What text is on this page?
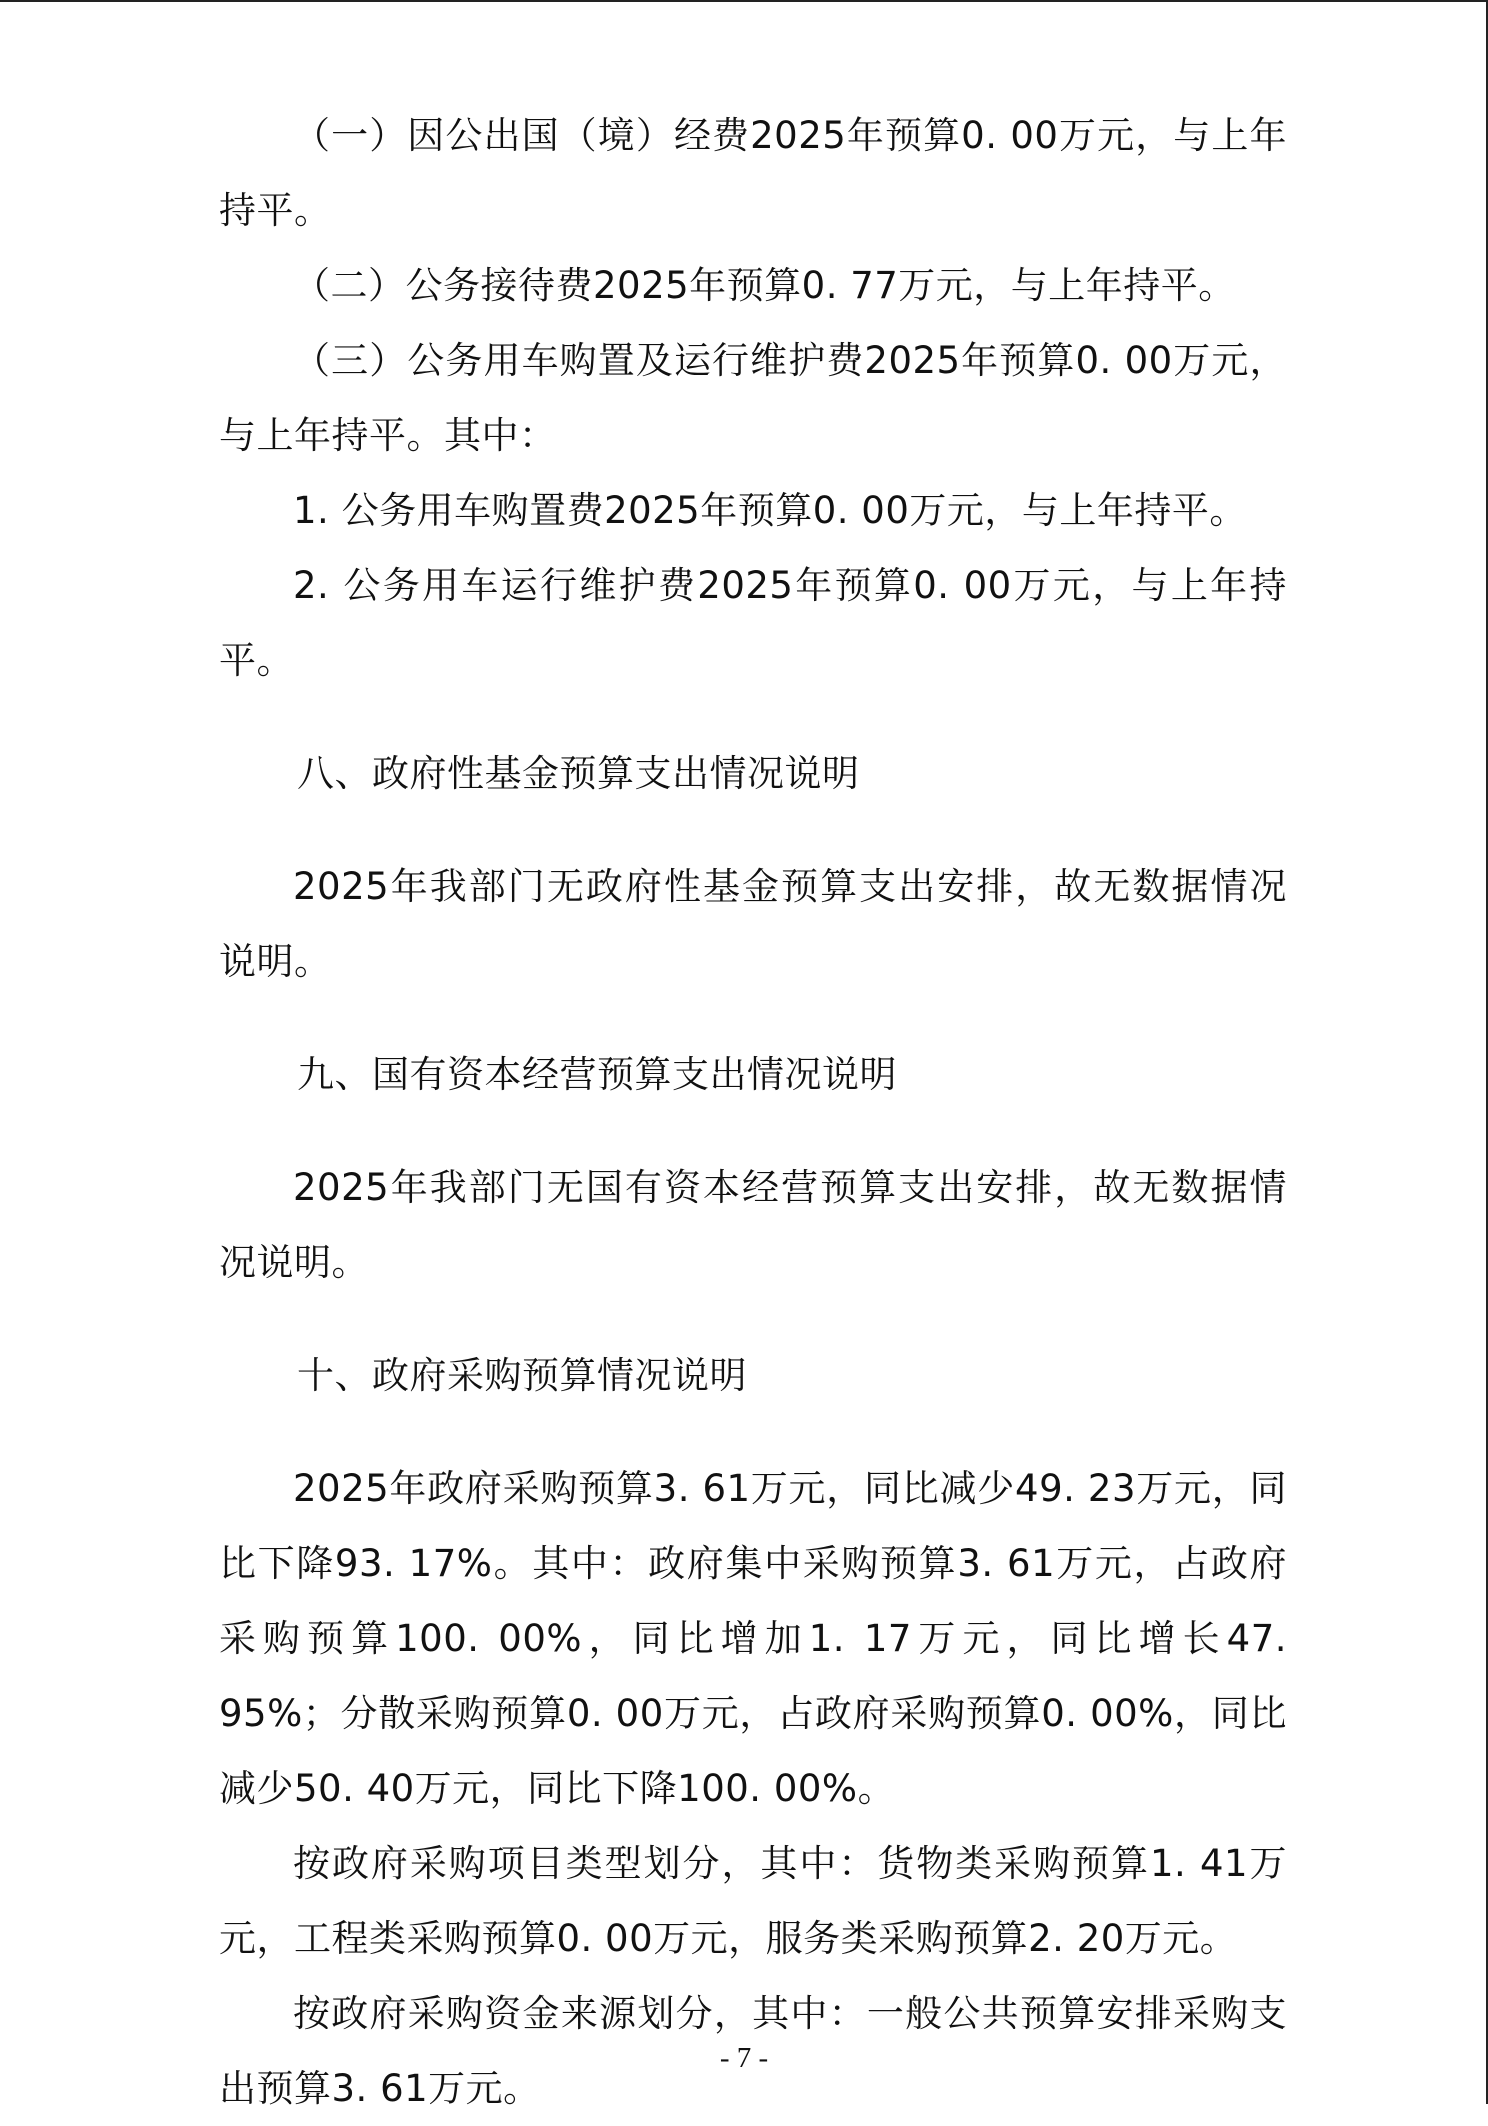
（一）因公出国（境）经费2025年预算0. 00万元，与上年持平。

（二）公务接待费2025年预算0. 77万元，与上年持平。

（三）公务用车购置及运行维护费2025年预算0. 00万元，与上年持平。其中：

1. 公务用车购置费2025年预算0. 00万元，与上年持平。

2. 公务用车运行维护费2025年预算0. 00万元，与上年持平。

八、政府性基金预算支出情况说明

2025年我部门无政府性基金预算支出安排，故无数据情况说明。

九、国有资本经营预算支出情况说明

2025年我部门无国有资本经营预算支出安排，故无数据情况说明。

十、政府采购预算情况说明

2025年政府采购预算3. 61万元，同比减少49. 23万元，同比下降93. 17%。其中：政府集中采购预算3. 61万元，占政府采购预算100. 00%，同比增加1. 17万元，同比增长47. 95%；分散采购预算0. 00万元，占政府采购预算0. 00%，同比减少50. 40万元，同比下降100. 00%。

按政府采购项目类型划分，其中：货物类采购预算1. 41万元，工程类采购预算0. 00万元，服务类采购预算2. 20万元。

按政府采购资金来源划分，其中：一般公共预算安排采购支出预算3. 61万元。

- 7 -
